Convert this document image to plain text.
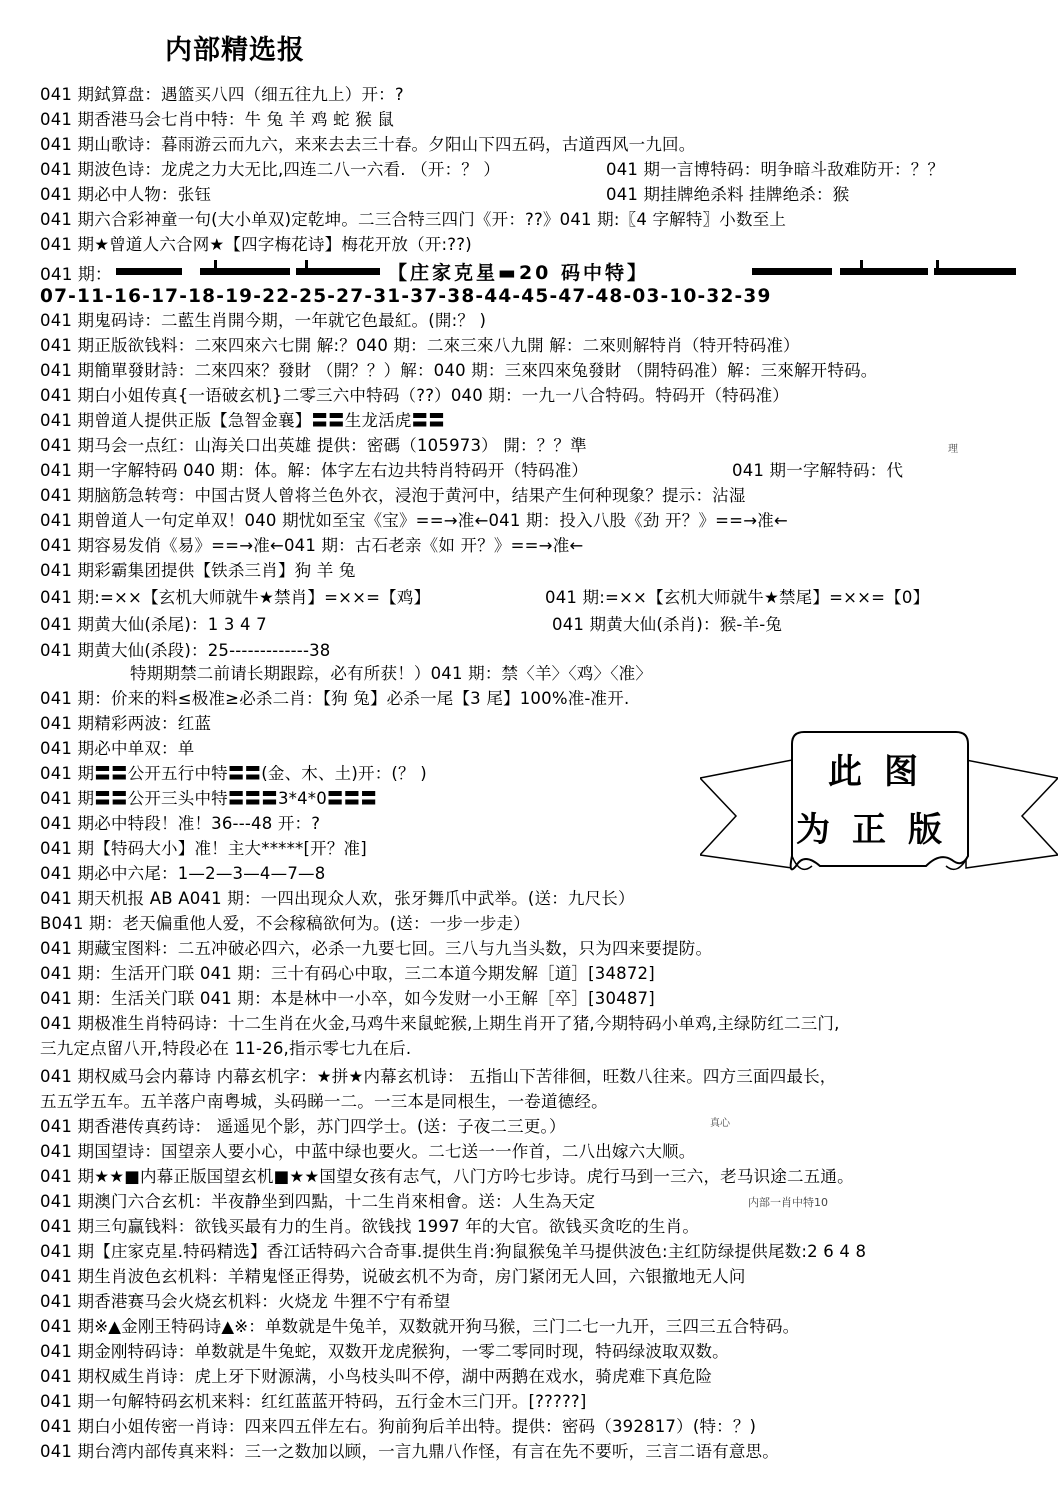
内部精选报
041 期鉽算盘：遇篮买八四（细五往九上）开：?
041 期香港马会七肖中特：牛 兔 羊 鸡 蛇 猴 鼠
041 期山歌诗：暮雨游云而九六，来来去去三十春。夕阳山下四五码，古道西风一九回。
041 期波色诗：龙虎之力大无比,四连二八一六看. （开：？ ）
041 期必中人物：张钰
041 期六合彩神童一句(大小单双)定乾坤。二三合特三四门《开：??》041 期:〖4 字解特〗小数至上
041 期★曾道人六合网★【四字梅花诗】梅花开放（开:??)
041 期鬼码诗：二藍生肖開今期，一年就它色最紅。(開:？ )
041 期正版欲钱料：二來四來六七開 解:？040 期：二來三來八九開 解：二來则解特肖（特开特码准）
041 期簡單發財詩：二來四來？發財 （開？？）解：040 期：三來四來兔發財 （開特码准）解：三來解开特码。
041 期白小姐传真{一语破玄机}二零三六中特码（??）040 期：一九一八合特码。特码开（特码准）
041 期曾道人提供正版【急智金襄】〓〓生龙活虎〓〓
041 期马会一点红：山海关口出英雄 提供：密碼（105973） 開：？？準
041 期一字解特码 040 期：体。解：体字左右边共特肖特码开（特码准）
041 期脑筋急转弯：中国古贤人曾将兰色外衣，浸泡于黄河中，结果产生何种现象？提示：沾湿
041 期曾道人一句定单双！040 期忧如至宝《宝》==→准←041 期：投入八股《劲 开？》==→准←
041 期容易发俏《易》==→准←041 期：古石老亲《如 开？》==→准←
041 期彩霸集团提供【铁杀三肖】狗 羊 兔
041 期:=××【玄机大师就牛★禁肖】=××=【鸡】
041 期黄大仙(杀尾)：1 3 4 7
041 期黄大仙(杀段)：25-------------38
特期期禁二前请长期跟踪，必有所获！）041 期：禁〈羊〉〈鸡〉〈准〉
041 期：价来的料≤极准≥必杀二肖：【狗 兔】必杀一尾【3 尾】100%准-准开.
041 期精彩两波：红蓝
041 期必中单双：单
041 期〓〓公开五行中特〓〓(金、木、土)开：(？ )
041 期〓〓公开三头中特〓〓〓3*4*0〓〓〓
041 期必中特段！准！36---48 开：?
041 期【特码大小】准！主大*****[开？准]
041 期必中六尾：1—2—3—4—7—8
041 期天机报 AB A041 期：一四出现众人欢，张牙舞爪中武举。(送：九尺长）
B041 期：老天偏重他人爱，不会稼稿欲何为。(送：一步一步走）
041 期藏宝图料：二五冲破必四六，必杀一九要七回。三八与九当头数，只为四来要提防。
041 期：生活开门联 041 期：三十有码心中取，三二本道今期发解［道］[34872]
041 期：生活关门联 041 期：本是林中一小卒，如今发财一小王解［卒］[30487]
041 期极准生肖特码诗：十二生肖在火金,马鸡牛来鼠蛇猴,上期生肖开了猪,今期特码小单鸡,主绿防红二三门,
三九定点留八开,特段必在 11-26,指示零七九在后.
041 期权威马会内幕诗 内幕玄机字：★拼★内幕玄机诗： 五指山下苦徘徊，旺数八往来。四方三面四最长，
五五学五车。五羊落户南粤城，头码睇一二。一三本是同根生，一卷道德经。
041 期香港传真药诗： 遥遥见个影，苏门四学士。(送：子夜二三更。）
041 期国望诗：国望亲人要小心，中蓝中绿也要火。二七送一一作首，二八出嫁六大顺。
041 期★★■内幕正版国望玄机■★★国望女孩有志气，八门方吟七步诗。虎行马到一三六，老马识途二五通。
041 期澳门六合玄机：半夜静坐到四點，十二生肖來相會。送：人生為天定
041 期三句赢钱料：欲钱买最有力的生肖。欲钱找 1997 年的大官。欲钱买贪吃的生肖。
041 期【庄家克星.特码精选】香江话特码六合奇事.提供生肖:狗鼠猴兔羊马提供波色:主红防绿提供尾数:2 6 4 8
041 期生肖波色玄机料：羊精鬼怪正得势，说破玄机不为奇，房门紧闭无人回，六银撤地无人问
041 期香港赛马会火烧玄机料：火烧龙 牛狸不宁有希望
041 期※▲金刚王特码诗▲※：单数就是牛兔羊，双数就开狗马猴，三门二七一九开，三四三五合特码。
041 期金刚特码诗：单数就是牛兔蛇，双数开龙虎猴狗，一零二零同时现，特码绿波取双数。
041 期权威生肖诗：虎上牙下财源满，小鸟枝头叫不停，湖中两鹅在戏水，骑虎难下真危险
041 期一句解特码玄机来料：红红蓝蓝开特码，五行金木三门开。[?????]
041 期白小姐传密一肖诗：四来四五伴左右。狗前狗后羊出特。提供：密码（392817）(特：？)
041 期台湾内部传真来料：三一之数加以顾，一言九鼎八作怪，有言在先不要听，三言二语有意思。
041 期一言博特码：明争暗斗敌难防开：？？
041 期挂牌绝杀料 挂牌绝杀：猴
041 期一字解特码：代
041 期:=××【玄机大师就牛★禁尾】=××=【0】
041 期黄大仙(杀肖)：猴-羊-兔
041 期：	【庄家克星▬20 码中特】
07-11-16-17-18-19-22-25-27-31-37-38-44-45-47-48-03-10-32-39
此图
为正版
理
真心
内部一肖中特10
